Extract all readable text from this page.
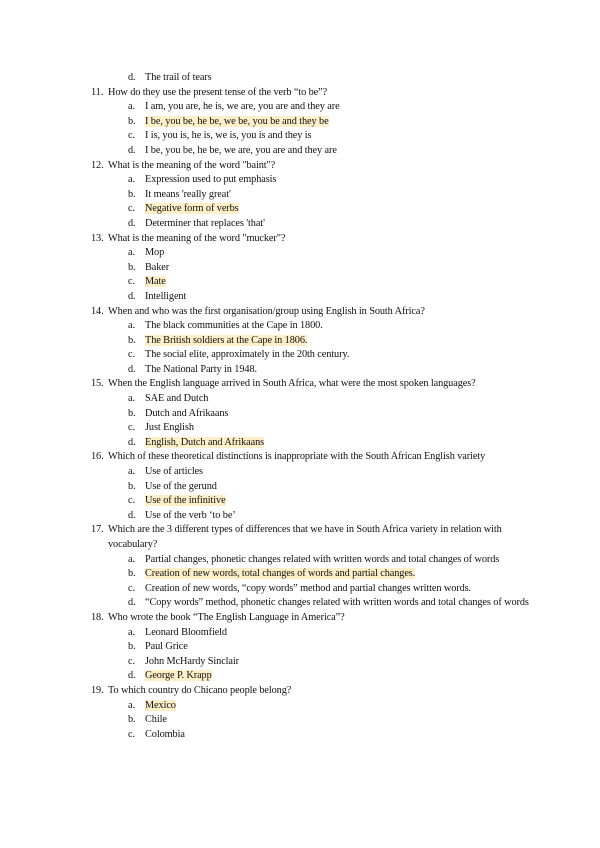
d. The trail of tears
11. How do they use the present tense of the verb “to be”?
a. I am, you are, he is, we are, you are and they are
b. I be, you be, he be, we be, you be and they be
c. I is, you is, he is, we is, you is and they is
d. I be, you be, he be, we are, you are and they are
12. What is the meaning of the word "baint"?
a. Expression used to put emphasis
b. It means 'really great'
c. Negative form of verbs
d. Determiner that replaces 'that'
13. What is the meaning of the word "mucker"?
a. Mop
b. Baker
c. Mate
d. Intelligent
14. When and who was the first organisation/group using English in South Africa?
a. The black communities at the Cape in 1800.
b. The British soldiers at the Cape in 1806.
c. The social elite, approximately in the 20th century.
d. The National Party in 1948.
15. When the English language arrived in South Africa, what were the most spoken languages?
a. SAE and Dutch
b. Dutch and Afrikaans
c. Just English
d. English, Dutch and Afrikaans
16. Which of these theoretical distinctions is inappropriate with the South African English variety
a. Use of articles
b. Use of the gerund
c. Use of the infinitive
d. Use of the verb ‘to be’
17. Which are the 3 different types of differences that we have in South Africa variety in relation with vocabulary?
a. Partial changes, phonetic changes related with written words and total changes of words
b. Creation of new words, total changes of words and partial changes.
c. Creation of new words, “copy words” method and partial changes written words.
d. “Copy words” method, phonetic changes related with written words and total changes of words
18. Who wrote the book “The English Language in America”?
a. Leonard Bloomfield
b. Paul Grice
c. John McHardy Sinclair
d. George P. Krapp
19. To which country do Chicano people belong?
a. Mexico
b. Chile
c. Colombia
